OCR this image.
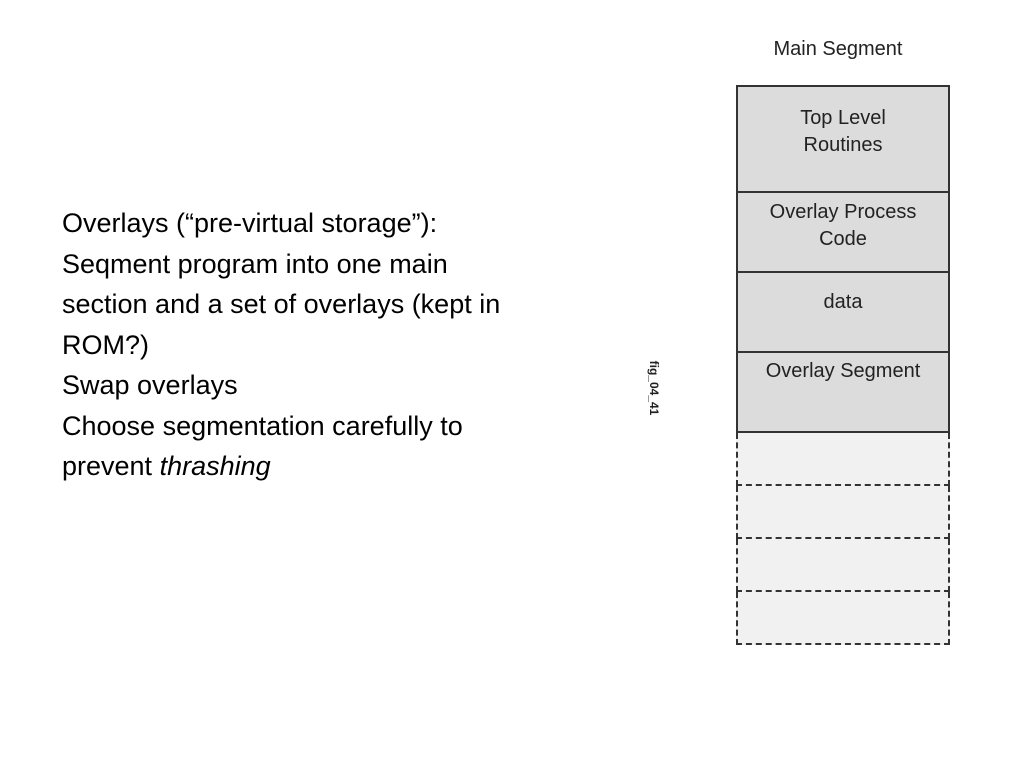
Overlays (“pre-virtual storage”):
Seqment program into one main
section and a set of overlays (kept in
ROM?)
Swap overlays
Choose segmentation carefully to
prevent thrashing
Main Segment
fig_04_41
Top Level
Routines
Overlay Process
Code
data
Overlay Segment
